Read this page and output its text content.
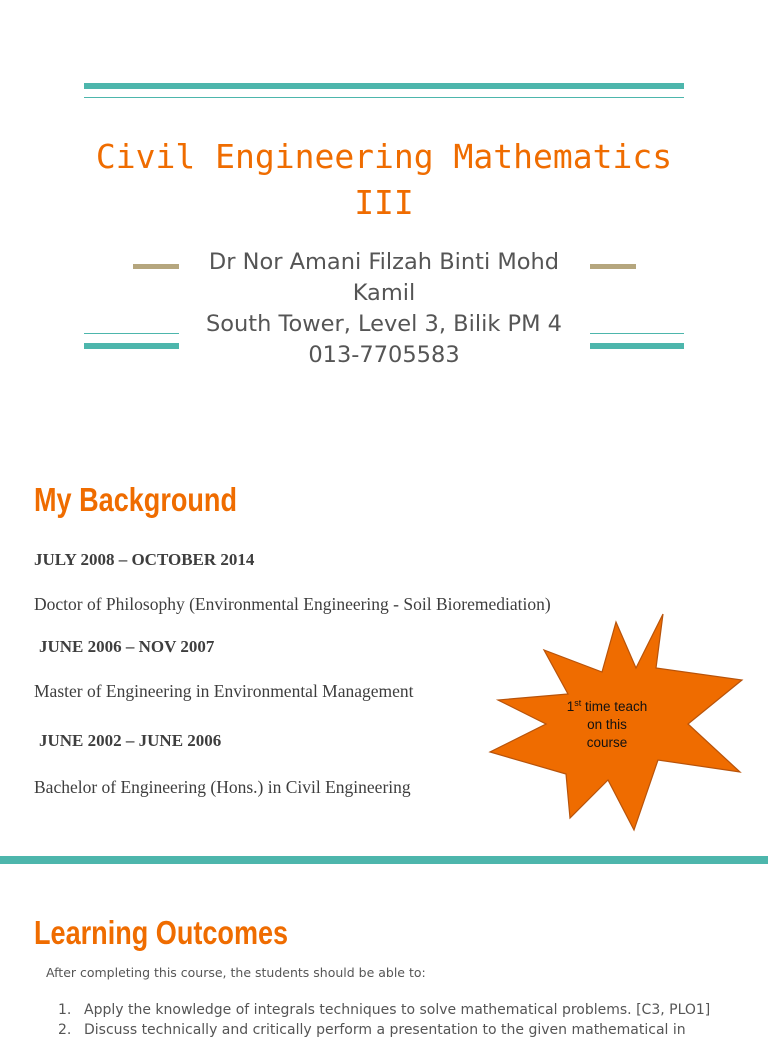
Civil Engineering Mathematics
III
Dr Nor Amani Filzah Binti Mohd
Kamil
South Tower, Level 3, Bilik PM 4
013-7705583
My Background
JULY 2008 – OCTOBER 2014
Doctor of Philosophy (Environmental Engineering - Soil Bioremediation)
JUNE 2006 – NOV 2007
Master of Engineering in Environmental Management
JUNE 2002 – JUNE 2006
Bachelor of Engineering (Hons.) in Civil Engineering
1st time teach
on this
course
Learning Outcomes
After completing this course, the students should be able to:
1. Apply the knowledge of integrals techniques to solve mathematical problems. [C3, PLO1]
2. Discuss technically and critically perform a presentation to the given mathematical in
